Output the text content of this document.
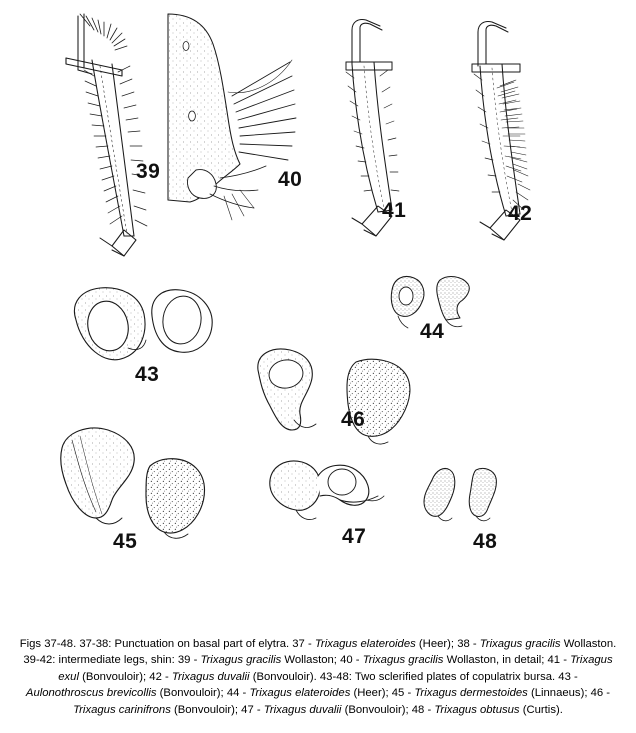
39	40
41	42
43
44
45
46
47	48
Figs 37-48. 37-38: Punctuation on basal part of elytra. 37 - Trixagus elateroides (Heer); 38 - Trixagus gracilis Wollaston. 39-42: intermediate legs, shin: 39 - Trixagus gracilis Wollaston; 40 - Trixagus gracilis Wollaston, in detail; 41 - Trixagus exul (Bonvouloir); 42 - Trixagus duvalii (Bonvouloir). 43-48: Two sclerified plates of copulatrix bursa. 43 - Aulonothroscus brevicollis (Bonvouloir); 44 - Trixagus elateroides (Heer); 45 - Trixagus dermestoides (Linnaeus); 46 - Trixagus carinifrons (Bonvouloir); 47 - Trixagus duvalii (Bonvouloir); 48 - Trixagus obtusus (Curtis).
